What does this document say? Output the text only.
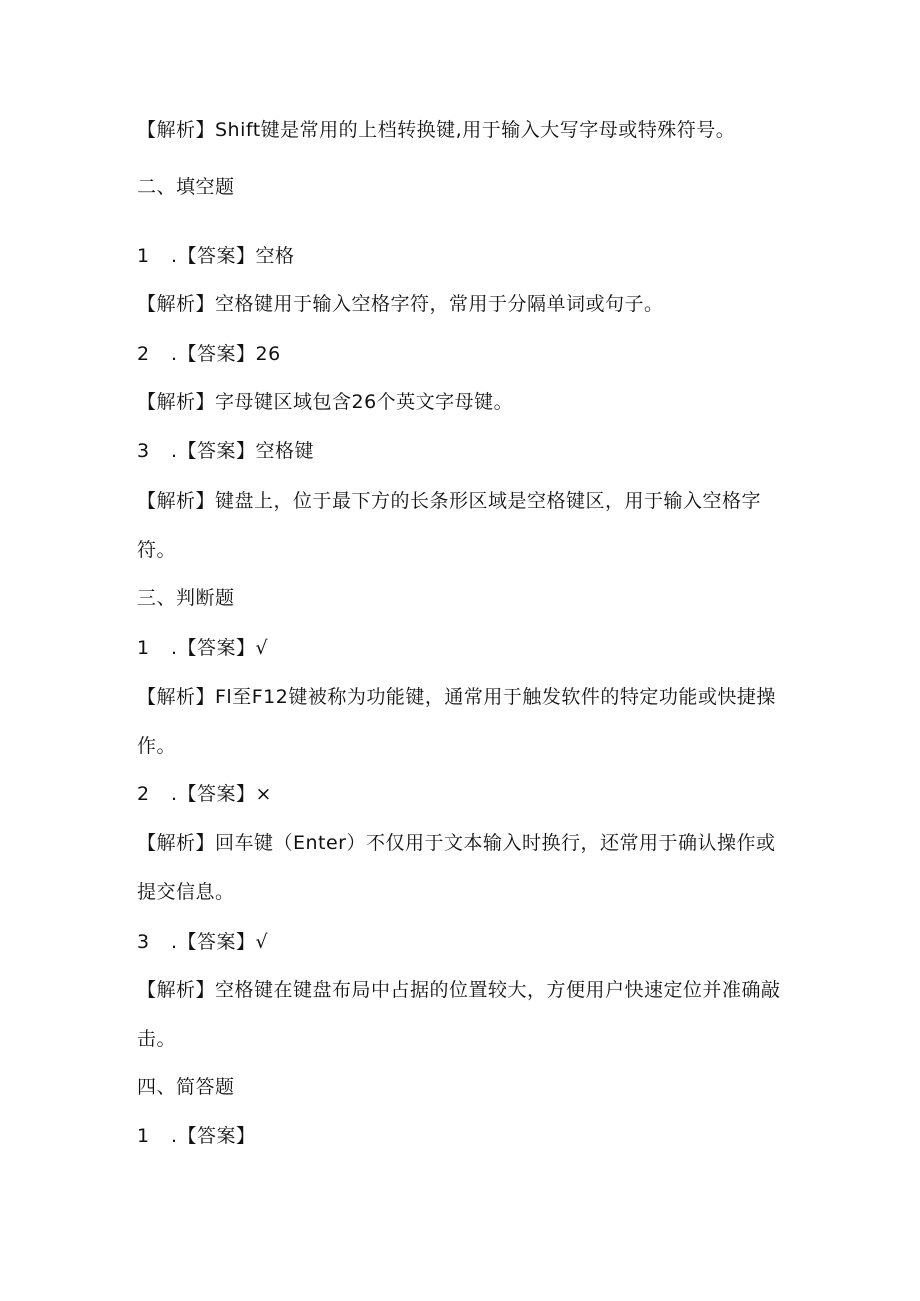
【解析】Shift键是常用的上档转换键,用于输入大写字母或特殊符号。
二、填空题
1 .【答案】空格
【解析】空格键用于输入空格字符，常用于分隔单词或句子。
2 .【答案】26
【解析】字母键区域包含26个英文字母键。
3 .【答案】空格键
【解析】键盘上，位于最下方的长条形区域是空格键区，用于输入空格字符。
三、判断题
1 .【答案】√
【解析】Fl至F12键被称为功能键，通常用于触发软件的特定功能或快捷操作。
2 .【答案】×
【解析】回车键（Enter）不仅用于文本输入时换行，还常用于确认操作或提交信息。
3 .【答案】√
【解析】空格键在键盘布局中占据的位置较大，方便用户快速定位并准确敲击。
四、简答题
1 .【答案】
